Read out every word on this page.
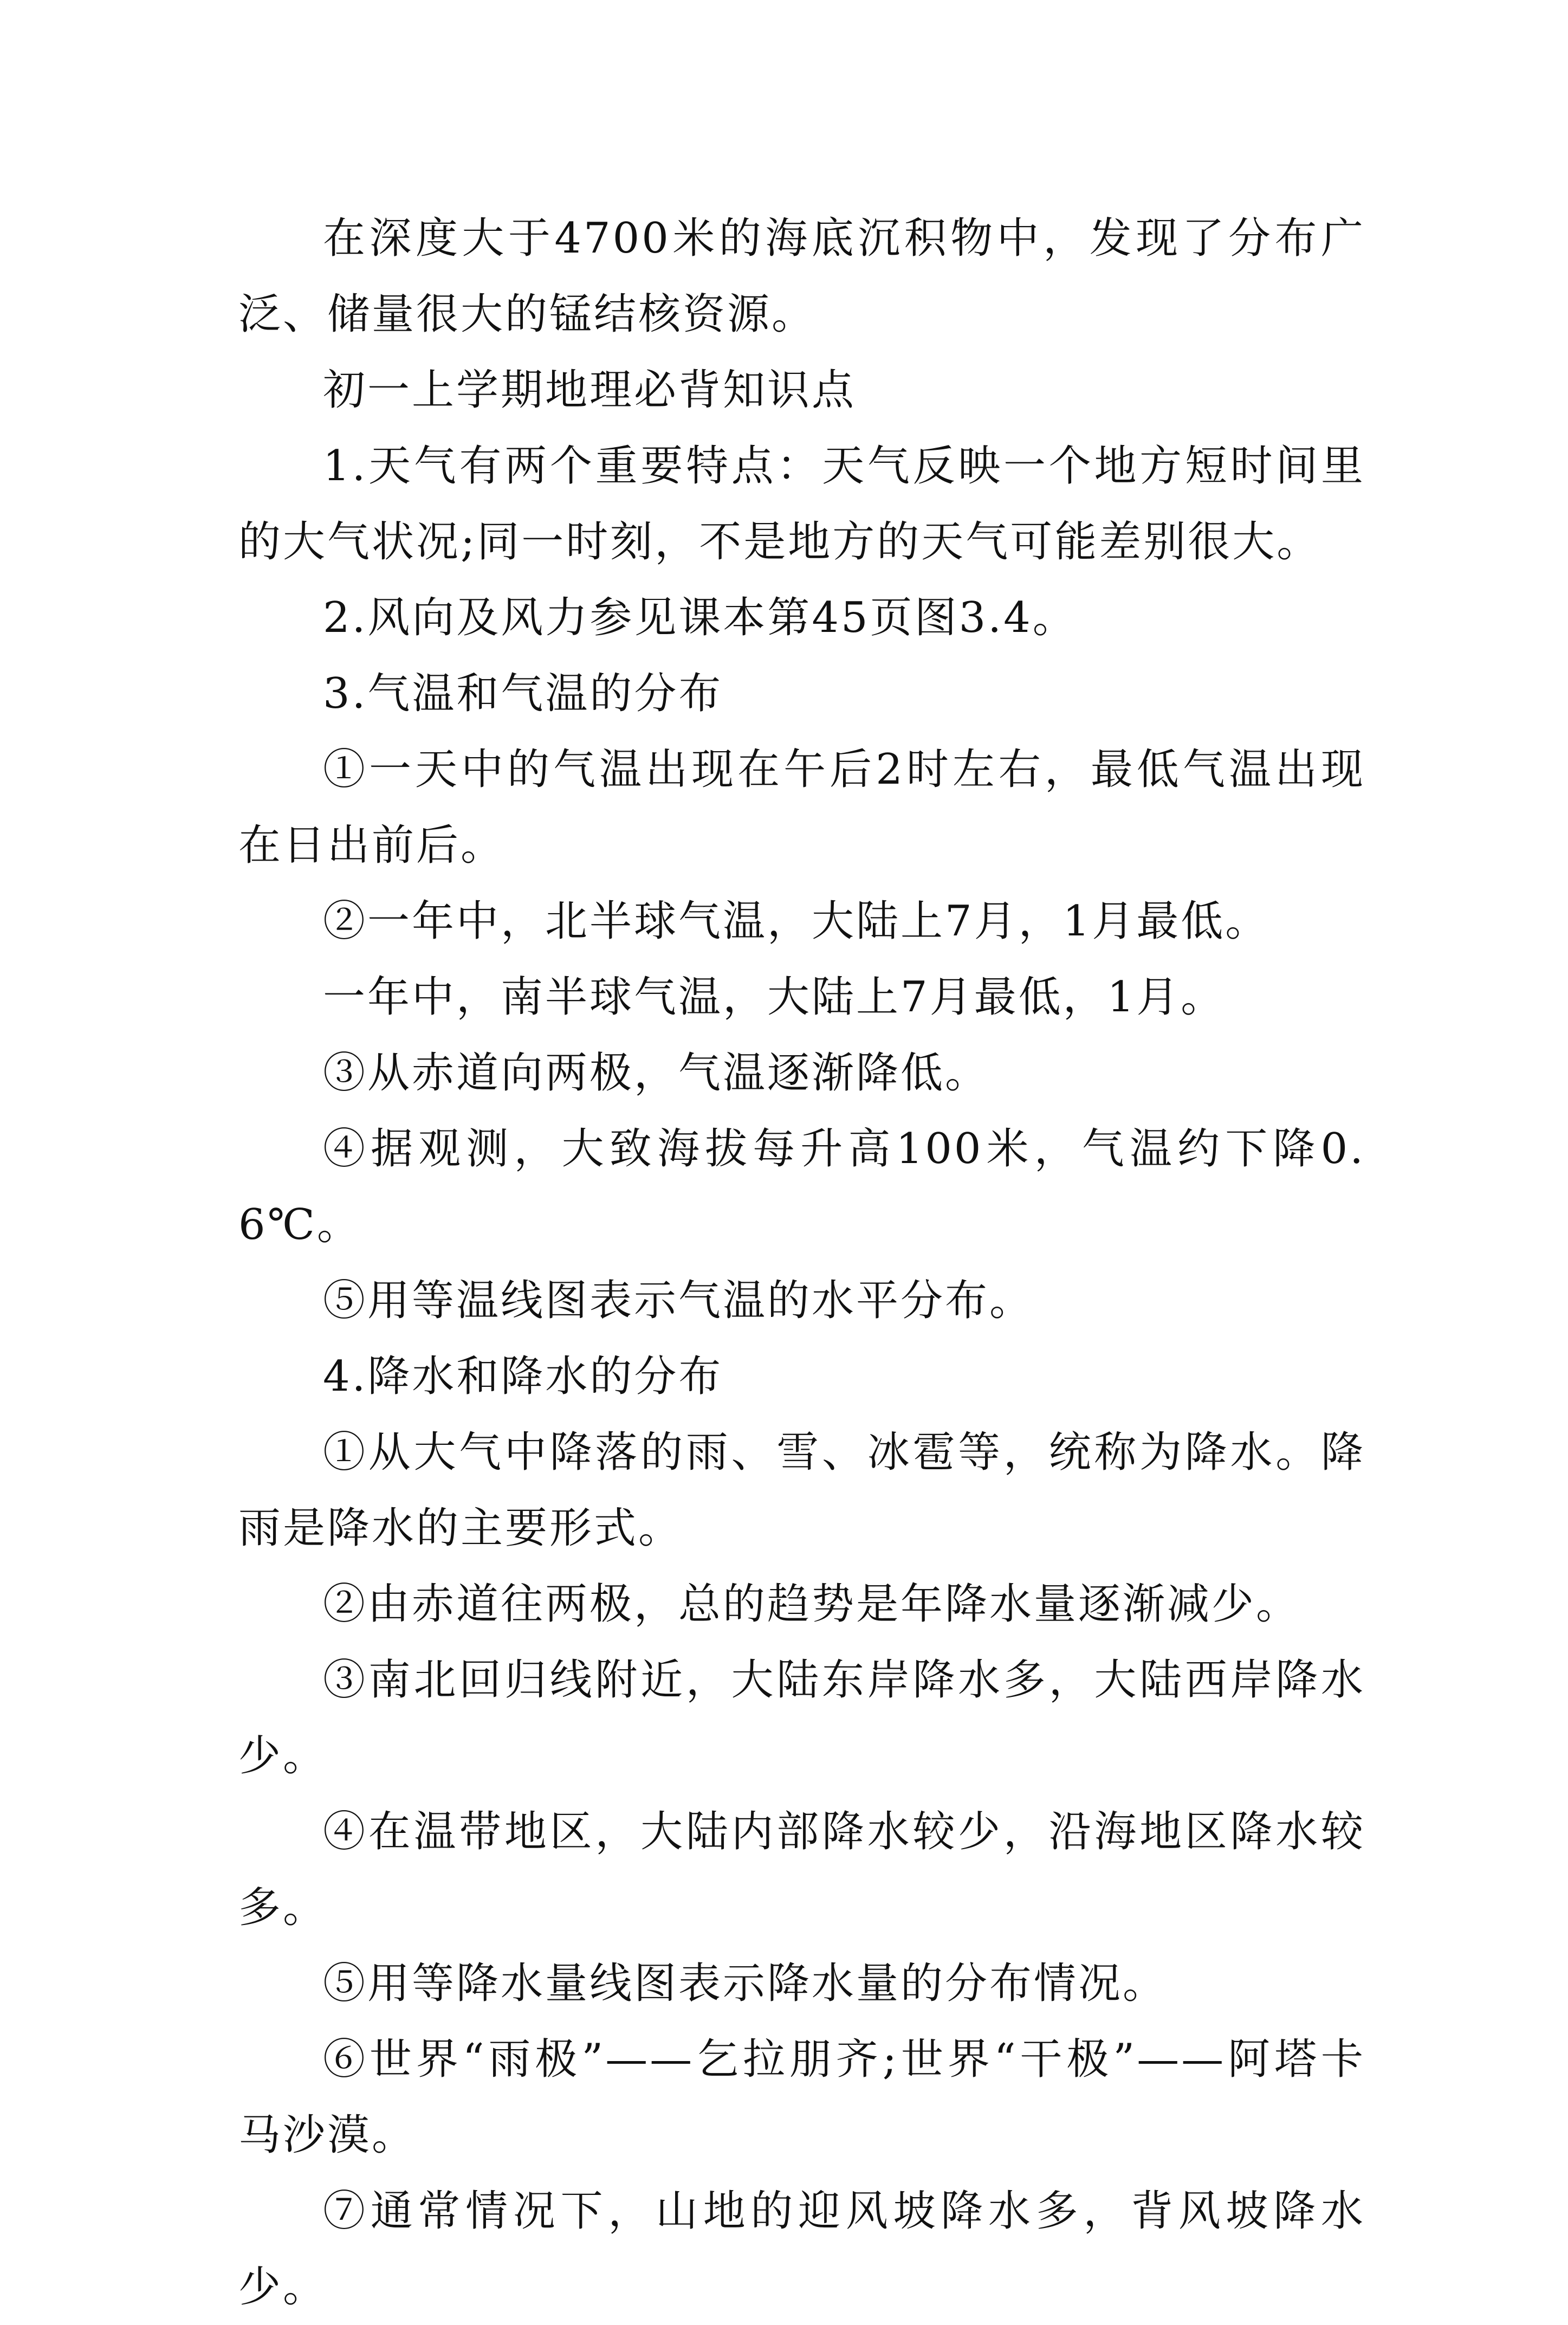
在深度大于4700米的海底沉积物中，发现了分布广泛、储量很大的锰结核资源。

初一上学期地理必背知识点

1.天气有两个重要特点：天气反映一个地方短时间里的大气状况;同一时刻，不是地方的天气可能差别很大。

2.风向及风力参见课本第45页图3.4。

3.气温和气温的分布

①一天中的气温出现在午后2时左右，最低气温出现在日出前后。

②一年中，北半球气温，大陆上7月，1月最低。

一年中，南半球气温，大陆上7月最低，1月。

③从赤道向两极，气温逐渐降低。

④据观测，大致海拔每升高100米，气温约下降0.6℃。

⑤用等温线图表示气温的水平分布。

4.降水和降水的分布

①从大气中降落的雨、雪、冰雹等，统称为降水。降雨是降水的主要形式。

②由赤道往两极，总的趋势是年降水量逐渐减少。

③南北回归线附近，大陆东岸降水多，大陆西岸降水少。

④在温带地区，大陆内部降水较少，沿海地区降水较多。

⑤用等降水量线图表示降水量的分布情况。

⑥世界“雨极”——乞拉朋齐;世界“干极”——阿塔卡马沙漠。

⑦通常情况下，山地的迎风坡降水多，背风坡降水少。
